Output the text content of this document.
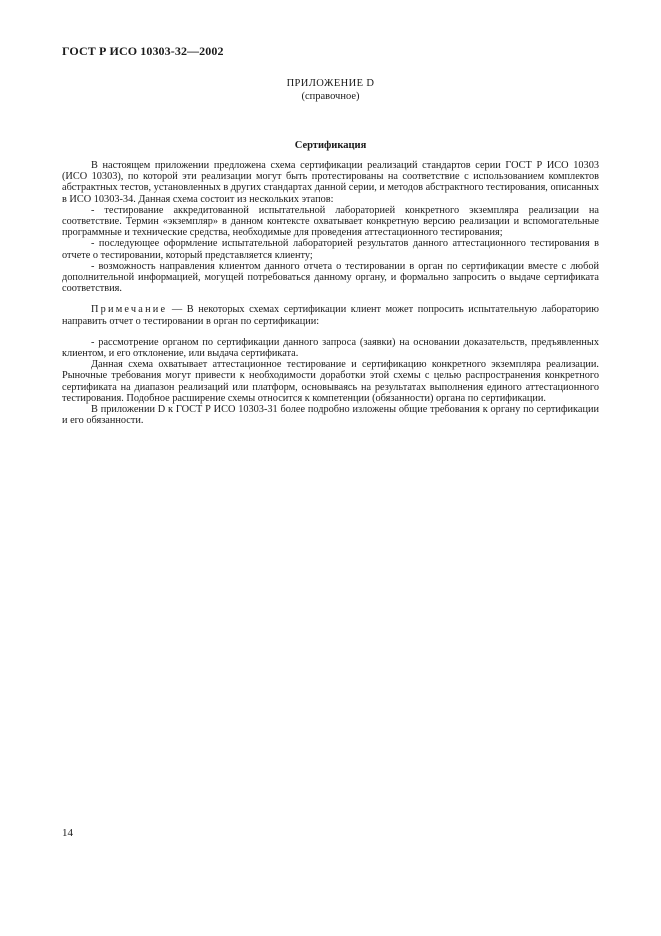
ГОСТ Р ИСО 10303-32—2002
ПРИЛОЖЕНИЕ D
(справочное)
Сертификация

В настоящем приложении предложена схема сертификации реализаций стандартов серии ГОСТ Р ИСО 10303 (ИСО 10303), по которой эти реализации могут быть протестированы на соответствие с использованием комплектов абстрактных тестов, установленных в других стандартах данной серии, и методов абстрактного тестирования, описанных в ИСО 10303-34. Данная схема состоит из нескольких этапов:

- тестирование аккредитованной испытательной лабораторией конкретного экземпляра реализации на соответствие. Термин «экземпляр» в данном контексте охватывает конкретную версию реализации и вспомогательные программные и технические средства, необходимые для проведения аттестационного тестирования;

- последующее оформление испытательной лабораторией результатов данного аттестационного тестирования в отчете о тестировании, который представляется клиенту;

- возможность направления клиентом данного отчета о тестировании в орган по сертификации вместе с любой дополнительной информацией, могущей потребоваться данному органу, и формально запросить о выдаче сертификата соответствия.

Примечание — В некоторых схемах сертификации клиент может попросить испытательную лабораторию направить отчет о тестировании в орган по сертификации:

- рассмотрение органом по сертификации данного запроса (заявки) на основании доказательств, предъявленных клиентом, и его отклонение, или выдача сертификата.

Данная схема охватывает аттестационное тестирование и сертификацию конкретного экземпляра реализации. Рыночные требования могут привести к необходимости доработки этой схемы с целью распространения конкретного сертификата на диапазон реализаций или платформ, основываясь на результатах выполнения единого аттестационного тестирования. Подобное расширение схемы относится к компетенции (обязанности) органа по сертификации.

В приложении D к ГОСТ Р ИСО 10303-31 более подробно изложены общие требования к органу по сертификации и его обязанности.

14
